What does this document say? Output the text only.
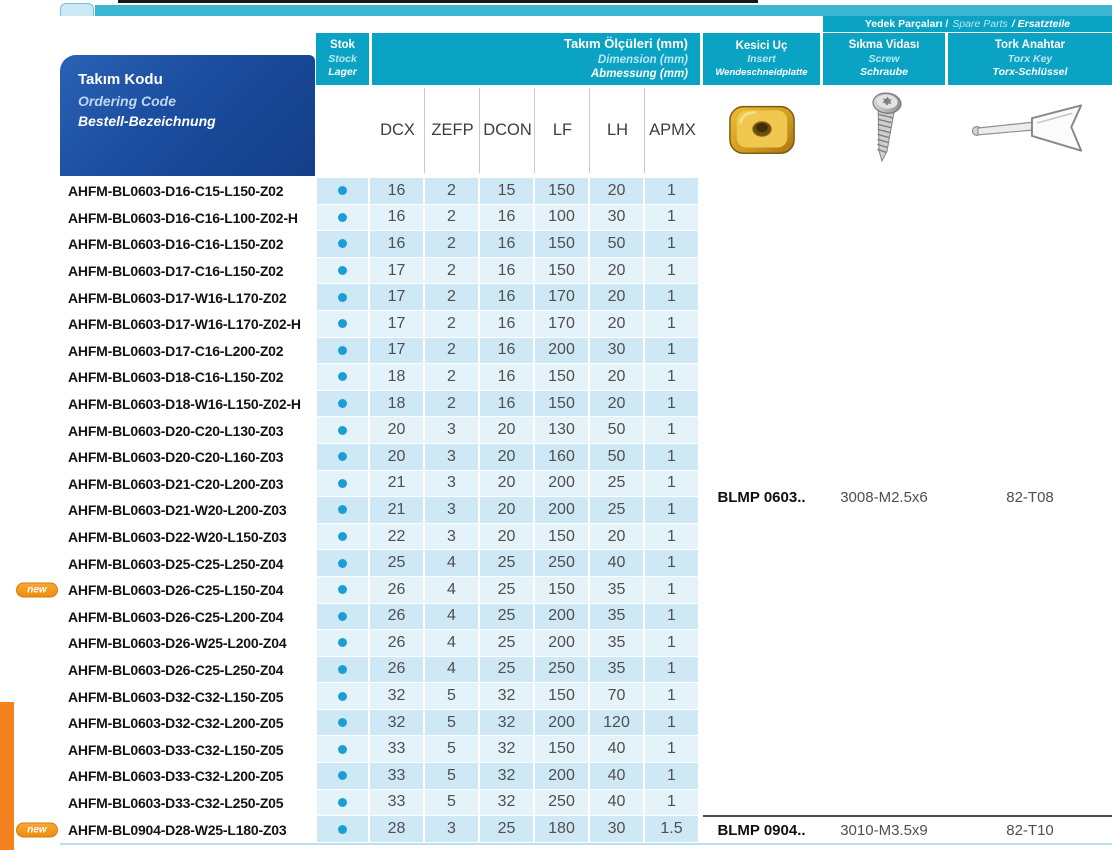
Yedek Parçaları / Spare Parts / Ersatzteile
Takım Kodu
Ordering Code
Bestell-Bezeichnung
Stok
Stock
Lager
Takım Ölçüleri (mm)
Dimension (mm)
Abmessung (mm)
Kesici Uç
Insert
Wendeschneidplatte
Sıkma Vidası
Screw
Schraube
Tork Anahtar
Torx Key
Torx-Schlüssel
DCX ZEFP DCON	LF	LH	APMX
AHFM-BL0603-D16-C15-L150-Z02	16	2	15	150	20	1
AHFM-BL0603-D16-C16-L100-Z02-H	16	2	16	100	30	1
AHFM-BL0603-D16-C16-L150-Z02	16	2	16	150	50	1
AHFM-BL0603-D17-C16-L150-Z02	17	2	16	150	20	1
AHFM-BL0603-D17-W16-L170-Z02	17	2	16	170	20	1
AHFM-BL0603-D17-W16-L170-Z02-H	17	2	16	170	20	1
AHFM-BL0603-D17-C16-L200-Z02	17	2	16	200	30	1
AHFM-BL0603-D18-C16-L150-Z02	18	2	16	150	20	1
AHFM-BL0603-D18-W16-L150-Z02-H	18	2	16	150	20	1
AHFM-BL0603-D20-C20-L130-Z03	20	3	20	130	50	1
AHFM-BL0603-D20-C20-L160-Z03	20	3	20	160	50	1
AHFM-BL0603-D21-C20-L200-Z03	21	3	20	200	25	1
AHFM-BL0603-D21-W20-L200-Z03	21	3	20	200	25	1
AHFM-BL0603-D22-W20-L150-Z03	22	3	20	150	20	1
AHFM-BL0603-D25-C25-L250-Z04	25	4	25	250	40	1
new	AHFM-BL0603-D26-C25-L150-Z04	26	4	25	150	35	1
AHFM-BL0603-D26-C25-L200-Z04	26	4	25	200	35	1
AHFM-BL0603-D26-W25-L200-Z04	26	4	25	200	35	1
AHFM-BL0603-D26-C25-L250-Z04	26	4	25	250	35	1
AHFM-BL0603-D32-C32-L150-Z05	32	5	32	150	70	1
AHFM-BL0603-D32-C32-L200-Z05	32	5	32	200	120	1
AHFM-BL0603-D33-C32-L150-Z05	33	5	32	150	40	1
AHFM-BL0603-D33-C32-L200-Z05	33	5	32	200	40	1
AHFM-BL0603-D33-C32-L250-Z05	33	5	32	250	40	1
new	AHFM-BL0904-D28-W25-L180-Z03	28	3	25	180	30	1.5
BLMP 0603..	3008-M2.5x6	82-T08
BLMP 0904..	3010-M3.5x9	82-T10
